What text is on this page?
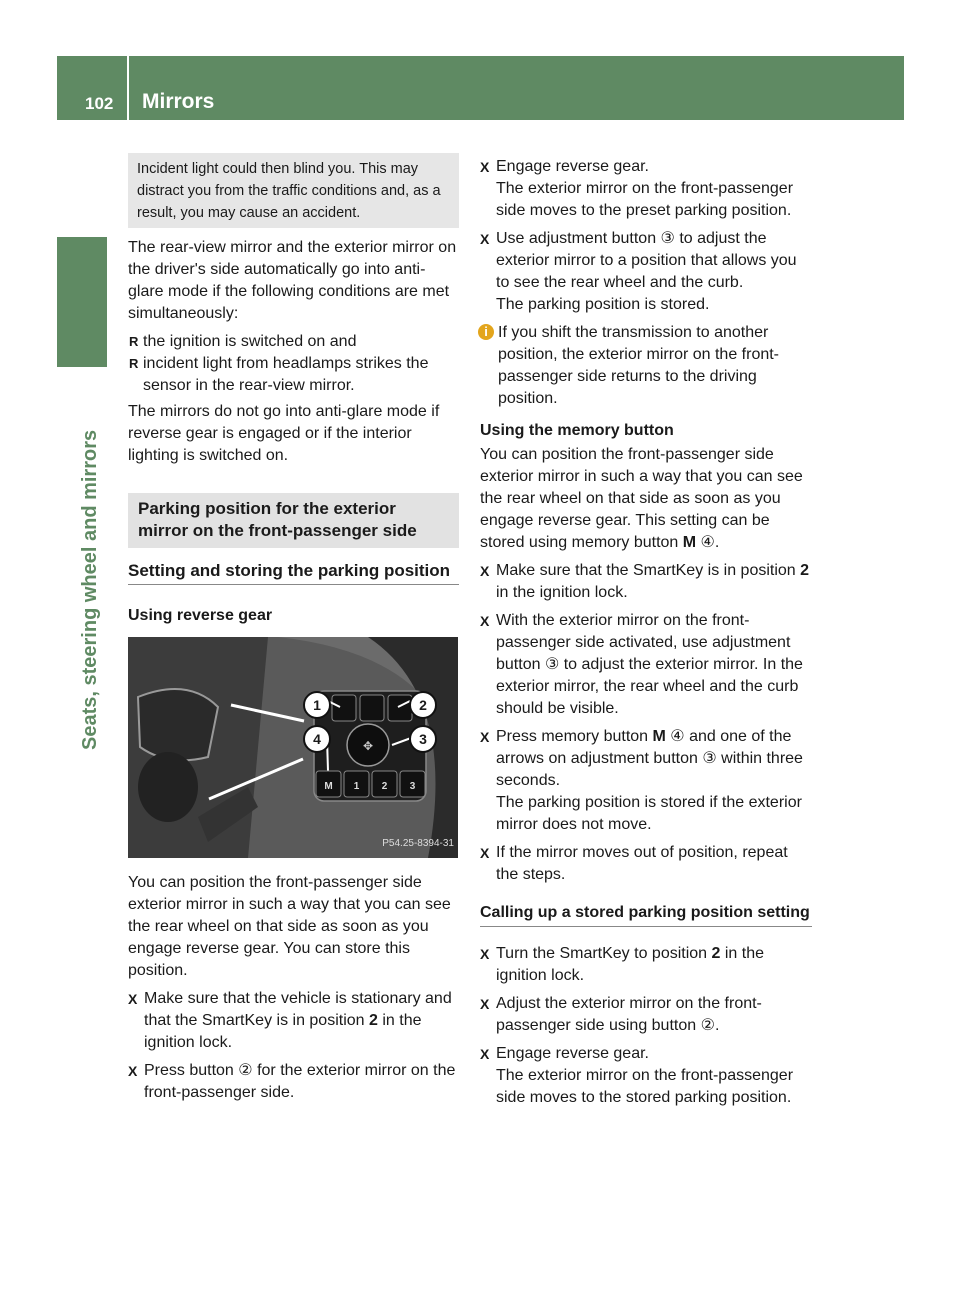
102 Mirrors
Seats, steering wheel and mirrors
Incident light could then blind you. This may distract you from the traffic conditions and, as a result, you may cause an accident.

The rear-view mirror and the exterior mirror on the driver's side automatically go into anti-glare mode if the following conditions are met simultaneously:

R the ignition is switched on and
R incident light from headlamps strikes the sensor in the rear-view mirror.

The mirrors do not go into anti-glare mode if reverse gear is engaged or if the interior lighting is switched on.

Parking position for the exterior mirror on the front-passenger side
Setting and storing the parking position
Using reverse gear
✥
1	2
3
4
M	1	2	3
P54.25-8394-31

You can position the front-passenger side exterior mirror in such a way that you can see the rear wheel on that side as soon as you engage reverse gear. You can store this position.

X Make sure that the vehicle is stationary and that the SmartKey is in position 2 in the ignition lock.
X Press button ② for the exterior mirror on the front-passenger side.
X Engage reverse gear.
The exterior mirror on the front-passenger side moves to the preset parking position.
X Use adjustment button ③ to adjust the exterior mirror to a position that allows you to see the rear wheel and the curb.
The parking position is stored.
i If you shift the transmission to another position, the exterior mirror on the front-passenger side returns to the driving position.
Using the memory button

You can position the front-passenger side exterior mirror in such a way that you can see the rear wheel on that side as soon as you engage reverse gear. This setting can be stored using memory button M ④.

X Make sure that the SmartKey is in position 2 in the ignition lock.
X With the exterior mirror on the front-passenger side activated, use adjustment button ③ to adjust the exterior mirror. In the exterior mirror, the rear wheel and the curb should be visible.
X Press memory button M ④ and one of the arrows on adjustment button ③ within three seconds.
The parking position is stored if the exterior mirror does not move.
X If the mirror moves out of position, repeat the steps.
Calling up a stored parking position setting
X Turn the SmartKey to position 2 in the ignition lock.
X Adjust the exterior mirror on the front-passenger side using button ②.
X Engage reverse gear.
The exterior mirror on the front-passenger side moves to the stored parking position.
